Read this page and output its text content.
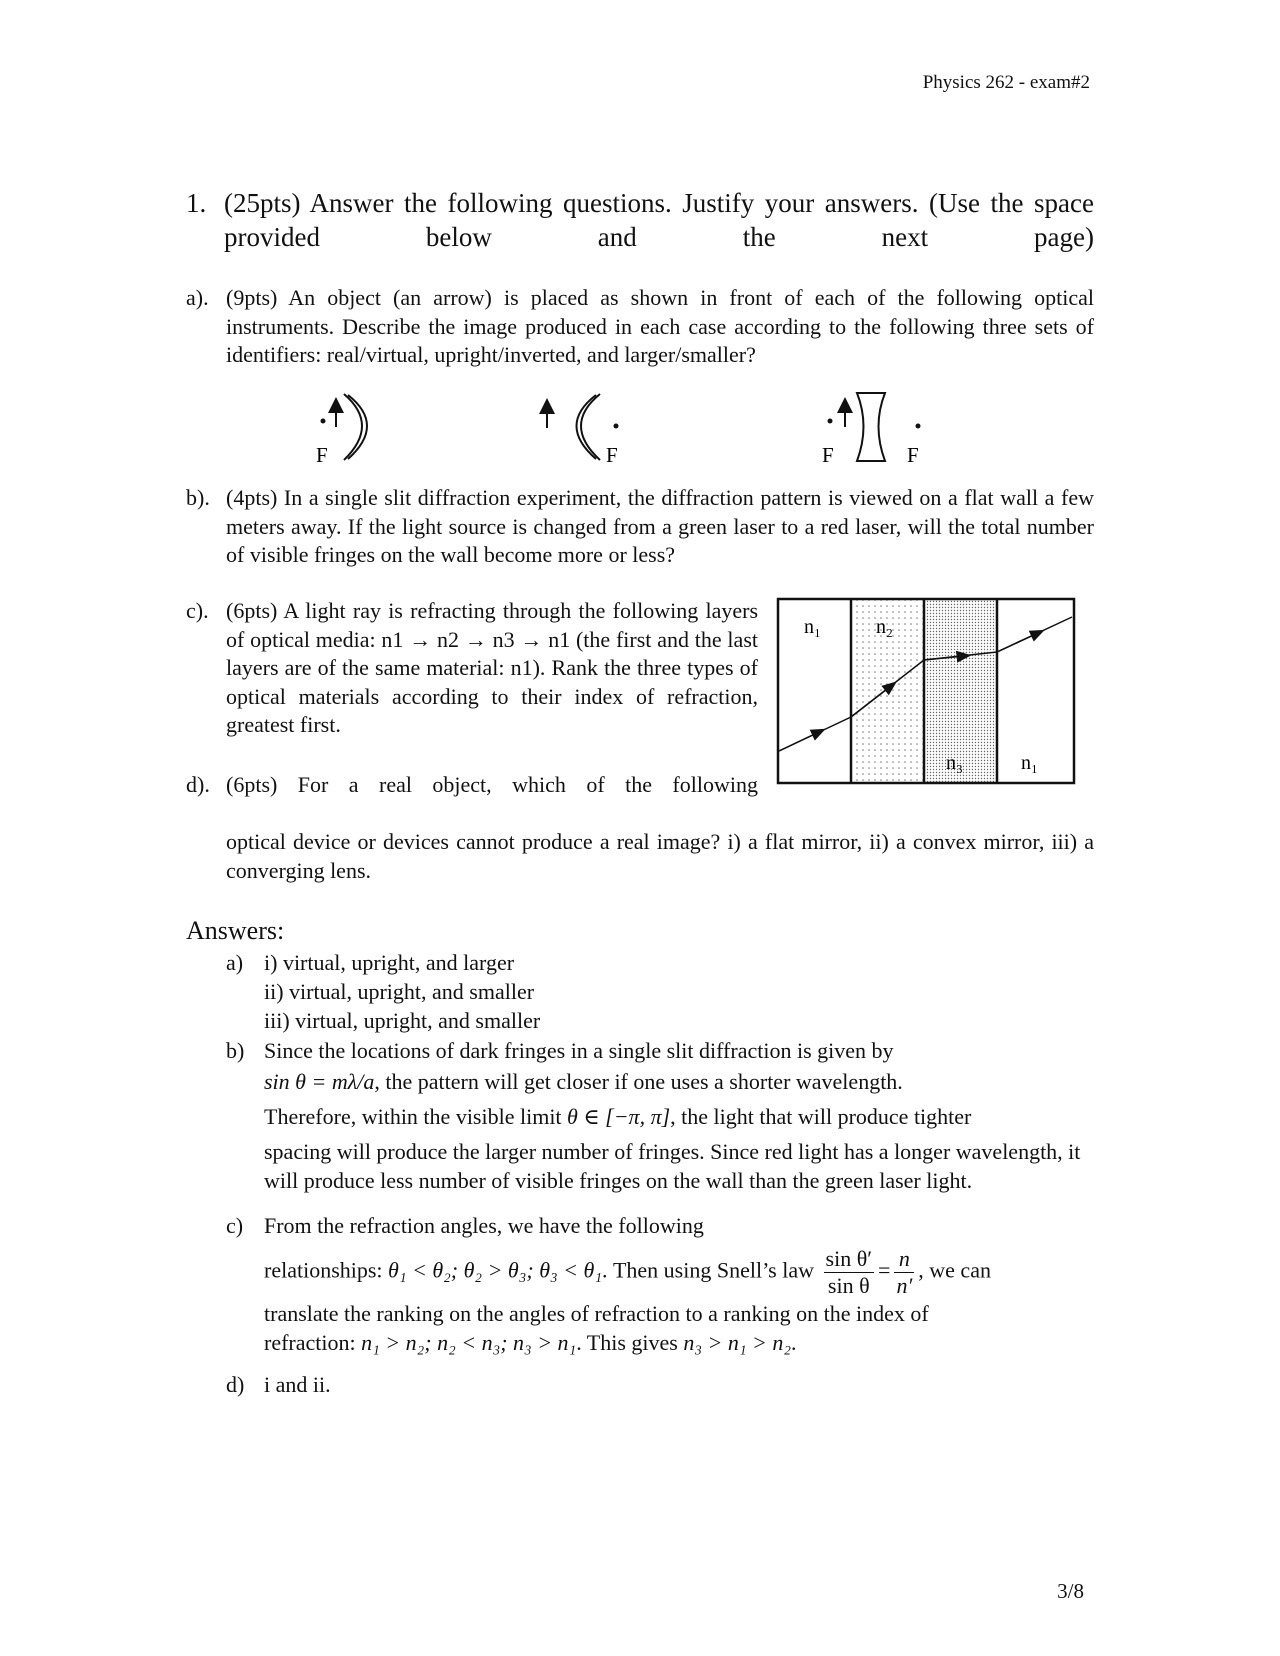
Physics 262 - exam#2
1. (25pts) Answer the following questions. Justify your answers. (Use the space provided below and the next page)
a). (9pts) An object (an arrow) is placed as shown in front of each of the following optical instruments. Describe the image produced in each case according to the following three sets of identifiers: real/virtual, upright/inverted, and larger/smaller?
F	F	F	F
b). (4pts) In a single slit diffraction experiment, the diffraction pattern is viewed on a flat wall a few meters away. If the light source is changed from a green laser to a red laser, will the total number of visible fringes on the wall become more or less?
c). (6pts) A light ray is refracting through the following layers of optical media: n1 → n2 → n3 → n1 (the first and the last layers are of the same material: n1). Rank the three types of optical materials according to their index of refraction, greatest first.
n₁	n₂
n₃	n₁
d). (6pts) For a real object, which of the following
optical device or devices cannot produce a real image? i) a flat mirror, ii) a convex mirror, iii) a converging lens.
Answers:
a) i) virtual, upright, and larger
ii) virtual, upright, and smaller
iii) virtual, upright, and smaller
b) Since the locations of dark fringes in a single slit diffraction is given by
sin θ = mλ/a, the pattern will get closer if one uses a shorter wavelength.
Therefore, within the visible limit θ ∈ [−π, π], the light that will produce tighter
spacing will produce the larger number of fringes. Since red light has a longer wavelength, it will produce less number of visible fringes on the wall than the green laser light.
c) From the refraction angles, we have the following
relationships: θ₁ < θ₂; θ₂ > θ₃; θ₃ < θ₁. Then using Snell’s law $\frac{\text{sin θ′}}{\text{sin θ}} = \frac{n}{n'}$ , we can
translate the ranking on the angles of refraction to a ranking on the index of
refraction: n₁ > n₂; n₂ < n₃; n₃ > n₁. This gives n₃ > n₁ > n₂.
d) i and ii.
3/8
